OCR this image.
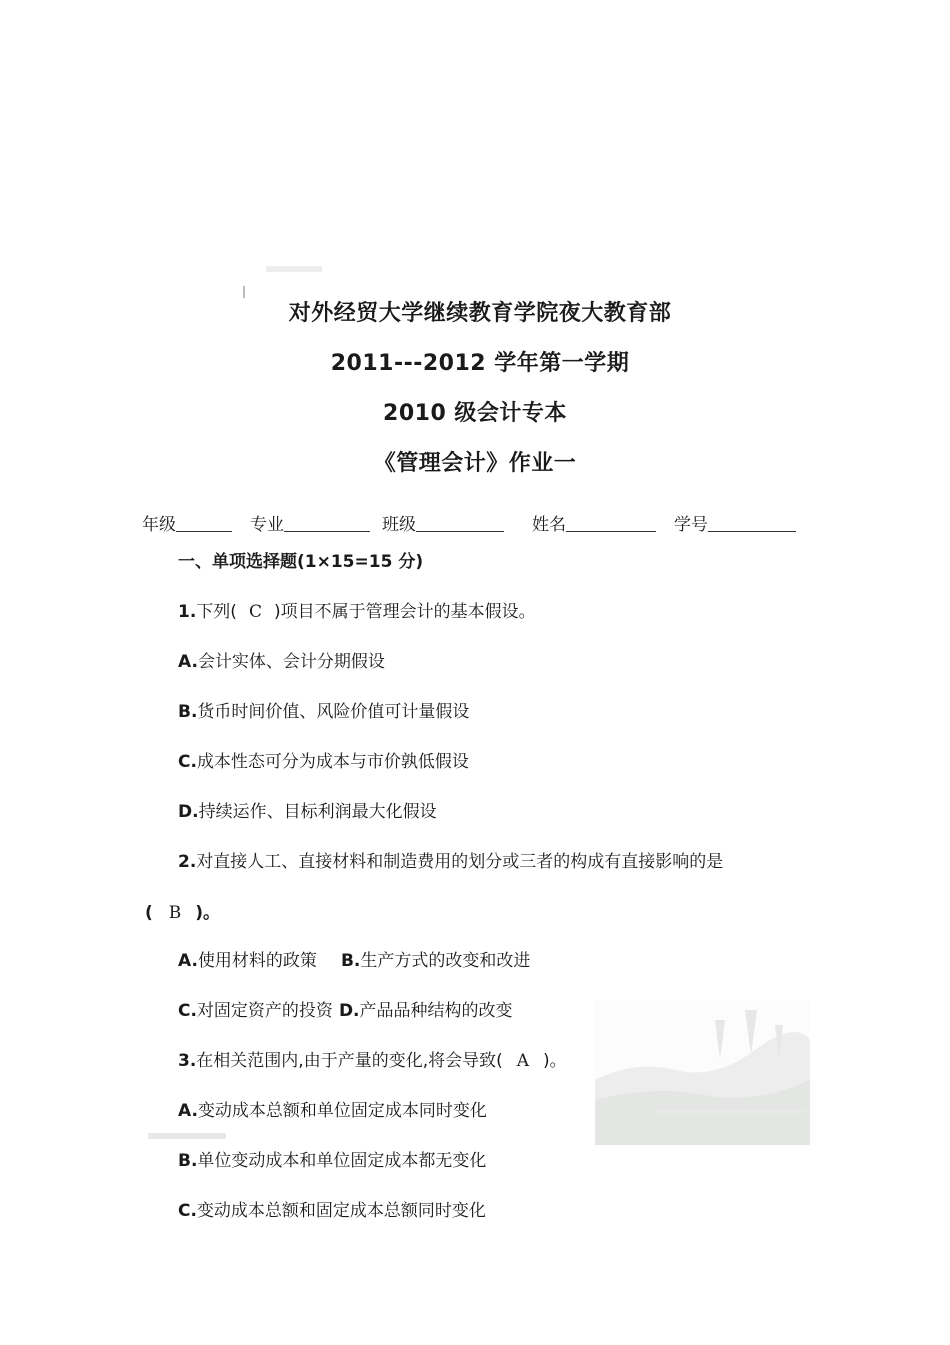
对外经贸大学继续教育学院夜大教育部
2011---2012 学年第一学期
2010 级会计专本
《管理会计》作业一
年级	专业	班级	姓名	学号
一、单项选择题(1×15=15 分)
1.下列( C )项目不属于管理会计的基本假设。
A.会计实体、会计分期假设
B.货币时间价值、风险价值可计量假设
C.成本性态可分为成本与市价孰低假设
D.持续运作、目标利润最大化假设
2.对直接人工、直接材料和制造费用的划分或三者的构成有直接影响的是
( B )。
A.使用材料的政策 B.生产方式的改变和改进
C.对固定资产的投资 D.产品品种结构的改变
3.在相关范围内,由于产量的变化,将会导致( A )。
A.变动成本总额和单位固定成本同时变化
B.单位变动成本和单位固定成本都无变化
C.变动成本总额和固定成本总额同时变化
